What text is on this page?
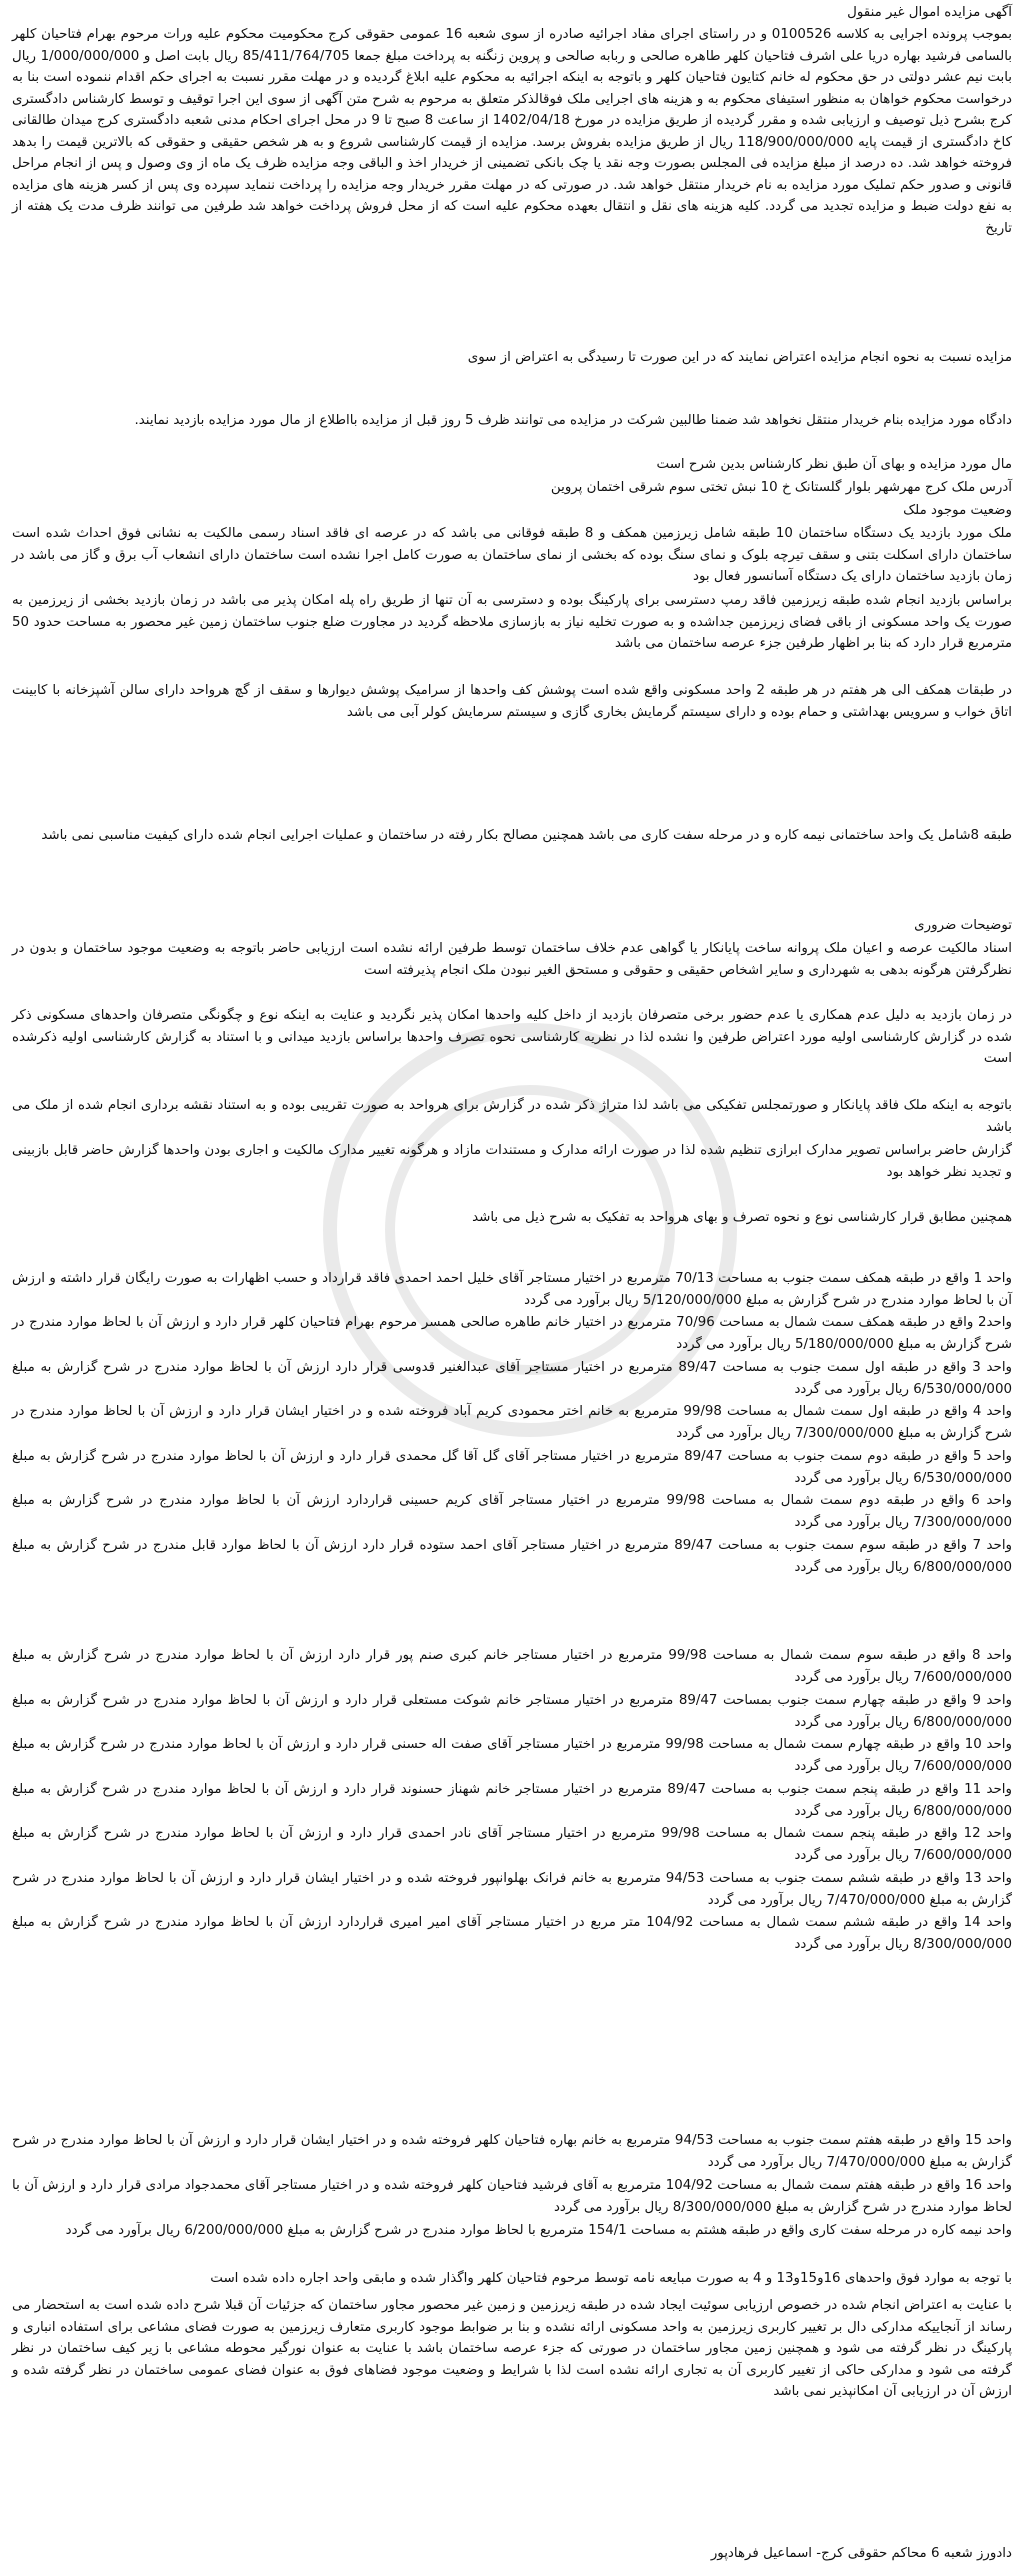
آگهی مزایده اموال غیر منقول

بموجب پرونده اجرایی به کلاسه 0100526 و در راستای اجرای مفاد اجرائیه صادره از سوی شعبه 16 عمومی حقوقی کرج محکومیت محکوم علیه ورات مرحوم بهرام فتاحیان کلهر بالسامی فرشید بهاره دریا علی اشرف فتاحیان کلهر طاهره صالحی و ربابه صالحی و پروین زنگنه به پرداخت مبلغ جمعا 85/411/764/705 ریال بابت اصل و 1/000/000/000 ریال بابت نیم عشر دولتی در حق محکوم له خانم کتایون فتاحیان کلهر و باتوجه به اینکه اجرائیه به محکوم علیه ابلاغ گردیده و در مهلت مقرر نسبت به اجرای حکم اقدام ننموده است بنا به درخواست محکوم خواهان به منظور استیفای محکوم به و هزینه های اجرایی ملک فوقالذکر متعلق به مرحوم به شرح متن آگهی از سوی این اجرا توقیف و توسط کارشناس دادگستری کرج بشرح ذیل توصیف و ارزیابی شده و مقرر گردیده از طریق مزایده در مورخ 1402/04/18 از ساعت 8 صبح تا 9 در محل اجرای احکام مدنی شعبه دادگستری کرج میدان طالقانی کاخ دادگستری از قیمت پایه 118/900/000/000 ریال از طریق مزایده بفروش برسد. مزایده از قیمت کارشناسی شروع و به هر شخص حقیقی و حقوقی که بالاترین قیمت را بدهد فروخته خواهد شد. ده درصد از مبلغ مزایده فی المجلس بصورت وجه نقد یا چک بانکی تضمینی از خریدار اخذ و الباقی وجه مزایده ظرف یک ماه از وی وصول و پس از انجام مراحل قانونی و صدور حکم تملیک مورد مزایده به نام خریدار منتقل خواهد شد. در صورتی که در مهلت مقرر خریدار وجه مزایده را پرداخت ننماید سپرده وی پس از کسر هزینه های مزایده به نفع دولت ضبط و مزایده تجدید می گردد. کلیه هزینه های نقل و انتقال بعهده محکوم علیه است که از محل فروش پرداخت خواهد شد طرفین می توانند ظرف مدت یک هفته از تاریخ

مزایده نسبت به نحوه انجام مزایده اعتراض نمایند که در این صورت تا رسیدگی به اعتراض از سوی

دادگاه مورد مزایده بنام خریدار منتقل نخواهد شد ضمنا طالبین شرکت در مزایده می توانند ظرف 5 روز قبل از مزایده بااطلاع از مال مورد مزایده بازدید نمایند.

مال مورد مزایده و بهای آن طبق نظر کارشناس بدین شرح است

آدرس ملک کرج مهرشهر بلوار گلستانک خ 10 نبش تختی سوم شرقی اختمان پروین

وضعیت موجود ملک

ملک مورد بازدید یک دستگاه ساختمان 10 طبقه شامل زیرزمین همکف و 8 طبقه فوقانی می باشد که در عرصه ای فاقد اسناد رسمی مالکیت به نشانی فوق احداث شده است ساختمان دارای اسکلت بتنی و سقف تیرچه بلوک و نمای سنگ بوده که بخشی از نمای ساختمان به صورت کامل اجرا نشده است ساختمان دارای انشعاب آب برق و گاز می باشد در زمان بازدید ساختمان دارای یک دستگاه آسانسور فعال بود

براساس بازدید انجام شده طبقه زیرزمین فاقد رمپ دسترسی برای پارکینگ بوده و دسترسی به آن تنها از طریق راه پله امکان پذیر می باشد در زمان بازدید بخشی از زیرزمین به صورت یک واحد مسکونی از باقی فضای زیرزمین جداشده و به صورت تخلیه نیاز به بازسازی ملاحظه گردید در مجاورت ضلع جنوب ساختمان زمین غیر محصور به مساحت حدود 50 مترمربع قرار دارد که بنا بر اظهار طرفین جزء عرصه ساختمان می باشد

در طبقات همکف الی هر هفتم در هر طبقه 2 واحد مسکونی واقع شده است پوشش کف واحدها از سرامیک پوشش دیوارها و سقف از گچ هرواحد دارای سالن آشپزخانه با کابینت اتاق خواب و سرویس بهداشتی و حمام بوده و دارای سیستم گرمایش بخاری گازی و سیستم سرمایش کولر آبی می باشد

طبقه 8شامل یک واحد ساختمانی نیمه کاره و در مرحله سفت کاری می باشد همچنین مصالح بکار رفته در ساختمان و عملیات اجرایی انجام شده دارای کیفیت مناسبی نمی باشد

توضیحات ضروری

اسناد مالکیت عرصه و اعیان ملک پروانه ساخت پایانکار یا گواهی عدم خلاف ساختمان توسط طرفین ارائه نشده است ارزیابی حاضر باتوجه به وضعیت موجود ساختمان و بدون در نظرگرفتن هرگونه بدهی به شهرداری و سایر اشخاص حقیقی و حقوقی و مستحق الغیر نبودن ملک انجام پذیرفته است

در زمان بازدید به دلیل عدم همکاری یا عدم حضور برخی متصرفان بازدید از داخل کلیه واحدها امکان پذیر نگردید و عنایت به اینکه نوع و چگونگی متصرفان واحدهای مسکونی ذکر شده در گزارش کارشناسی اولیه مورد اعتراض طرفین وا نشده لذا در نظریه کارشناسی نحوه تصرف واحدها براساس بازدید میدانی و با استناد به گزارش کارشناسی اولیه ذکرشده است

باتوجه به اینکه ملک فاقد پایانکار و صورتمجلس تفکیکی می باشد لذا متراژ ذکر شده در گزارش برای هرواحد به صورت تقریبی بوده و به استناد نقشه برداری انجام شده از ملک می باشد

گزارش حاضر براساس تصویر مدارک ابرازی تنظیم شده لذا در صورت ارائه مدارک و مستندات مازاد و هرگونه تغییر مدارک مالکیت و اجاری بودن واحدها گزارش حاضر قابل بازبینی و تجدید نظر خواهد بود

همچنین مطابق قرار کارشناسی نوع و نحوه تصرف و بهای هرواحد به تفکیک به شرح ذیل می باشد

واحد 1 واقع در طبقه همکف سمت جنوب به مساحت 70/13 مترمربع در اختیار مستاجر آقای خلیل احمد احمدی فاقد قرارداد و حسب اظهارات به صورت رایگان قرار داشته و ارزش آن با لحاظ موارد مندرج در شرح گزارش به مبلغ 5/120/000/000 ریال برآورد می گردد

واحد2 واقع در طبقه همکف سمت شمال به مساحت 70/96 مترمربع در اختیار خانم طاهره صالحی همسر مرحوم بهرام فتاحیان کلهر قرار دارد و ارزش آن با لحاظ موارد مندرج در شرح گزارش به مبلغ 5/180/000/000 ریال برآورد می گردد

واحد 3 واقع در طبقه اول سمت جنوب به مساحت 89/47 مترمربع در اختیار مستاجر آقای عبدالغنیر قدوسی قرار دارد ارزش آن با لحاظ موارد مندرج در شرح گزارش به مبلغ 6/530/000/000 ریال برآورد می گردد

واحد 4 واقع در طبقه اول سمت شمال به مساحت 99/98 مترمربع به خانم اختر محمودی کریم آباد فروخته شده و در اختیار ایشان قرار دارد و ارزش آن با لحاظ موارد مندرج در شرح گزارش به مبلغ 7/300/000/000 ریال برآورد می گردد

واحد 5 واقع در طبقه دوم سمت جنوب به مساحت 89/47 مترمربع در اختیار مستاجر آقای گل آقا گل محمدی قرار دارد و ارزش آن با لحاظ موارد مندرج در شرح گزارش به مبلغ 6/530/000/000 ریال برآورد می گردد

واحد 6 واقع در طبقه دوم سمت شمال به مساحت 99/98 مترمربع در اختیار مستاجر آقای کریم حسینی قراردارد ارزش آن با لحاظ موارد مندرج در شرح گزارش به مبلغ 7/300/000/000 ریال برآورد می گردد

واحد 7 واقع در طبقه سوم سمت جنوب به مساحت 89/47 مترمربع در اختیار مستاجر آقای احمد ستوده قرار دارد ارزش آن با لحاظ موارد قابل مندرج در شرح گزارش به مبلغ 6/800/000/000 ریال برآورد می گردد

واحد 8 واقع در طبقه سوم سمت شمال به مساحت 99/98 مترمربع در اختیار مستاجر خانم کبری صنم پور قرار دارد ارزش آن با لحاظ موارد مندرج در شرح گزارش به مبلغ 7/600/000/000 ریال برآورد می گردد

واحد 9 واقع در طبقه چهارم سمت جنوب بمساحت 89/47 مترمربع در اختیار مستاجر خانم شوکت مستعلی قرار دارد و ارزش آن با لحاظ موارد مندرج در شرح گزارش به مبلغ 6/800/000/000 ریال برآورد می گردد

واحد 10 واقع در طبقه چهارم سمت شمال به مساحت 99/98 مترمربع در اختیار مستاجر آقای صفت اله حسنی قرار دارد و ارزش آن با لحاظ موارد مندرج در شرح گزارش به مبلغ 7/600/000/000 ریال برآورد می گردد

واحد 11 واقع در طبقه پنجم سمت جنوب به مساحت 89/47 مترمربع در اختیار مستاجر خانم شهناز حسنوند قرار دارد و ارزش آن با لحاظ موارد مندرج در شرح گزارش به مبلغ 6/800/000/000 ریال برآورد می گردد

واحد 12 واقع در طبقه پنجم سمت شمال به مساحت 99/98 مترمربع در اختیار مستاجر آقای نادر احمدی قرار دارد و ارزش آن با لحاظ موارد مندرج در شرح گزارش به مبلغ 7/600/000/000 ریال برآورد می گردد

واحد 13 واقع در طبقه ششم سمت جنوب به مساحت 94/53 مترمربع به خانم فرانک بهلوانپور فروخته شده و در اختیار ایشان قرار دارد و ارزش آن با لحاظ موارد مندرج در شرح گزارش به مبلغ 7/470/000/000 ریال برآورد می گردد

واحد 14 واقع در طبقه ششم سمت شمال به مساحت 104/92 متر مربع در اختیار مستاجر آقای امیر امیری قراردارد ارزش آن با لحاظ موارد مندرج در شرح گزارش به مبلغ 8/300/000/000 ریال برآورد می گردد

واحد 15 واقع در طبقه هفتم سمت جنوب به مساحت 94/53 مترمربع به خانم بهاره فتاحیان کلهر فروخته شده و در اختیار ایشان قرار دارد و ارزش آن با لحاظ موارد مندرج در شرح گزارش به مبلغ 7/470/000/000 ریال برآورد می گردد

واحد 16 واقع در طبقه هفتم سمت شمال به مساحت 104/92 مترمربع به آقای فرشید فتاحیان کلهر فروخته شده و در اختیار مستاجر آقای محمدجواد مرادی قرار دارد و ارزش آن با لحاظ موارد مندرج در شرح گزارش به مبلغ 8/300/000/000 ریال برآورد می گردد

واحد نیمه کاره در مرحله سفت کاری واقع در طبقه هشتم به مساحت 154/1 مترمربع با لحاظ موارد مندرج در شرح گزارش به مبلغ 6/200/000/000 ریال برآورد می گردد

با توجه به موارد فوق واحدهای 16و15و13 و 4 به صورت مبایعه نامه توسط مرحوم فتاحیان کلهر واگذار شده و مابقی واحد اجاره داده شده است

با عنایت به اعتراض انجام شده در خصوص ارزیابی سوئیت ایجاد شده در طبقه زیرزمین و زمین غیر محصور مجاور ساختمان که جزئیات آن قبلا شرح داده شده است به استحضار می رساند از آنجاییکه مدارکی دال بر تغییر کاربری زیرزمین به واحد مسکونی ارائه نشده و بنا بر ضوابط موجود کاربری متعارف زیرزمین به صورت فضای مشاعی برای استفاده انباری و پارکینگ در نظر گرفته می شود و همچنین زمین مجاور ساختمان در صورتی که جزء عرصه ساختمان باشد با عنایت به عنوان نورگیر محوطه مشاعی با زیر کیف ساختمان در نظر گرفته می شود و مدارکی حاکی از تغییر کاربری آن به تجاری ارائه نشده است لذا با شرایط و وضعیت موجود فضاهای فوق به عنوان فضای عمومی ساختمان در نظر گرفته شده و ارزش آن در ارزیابی آن امکانپذیر نمی باشد

دادورز شعبه 6 محاکم حقوقی کرج- اسماعیل فرهادپور
